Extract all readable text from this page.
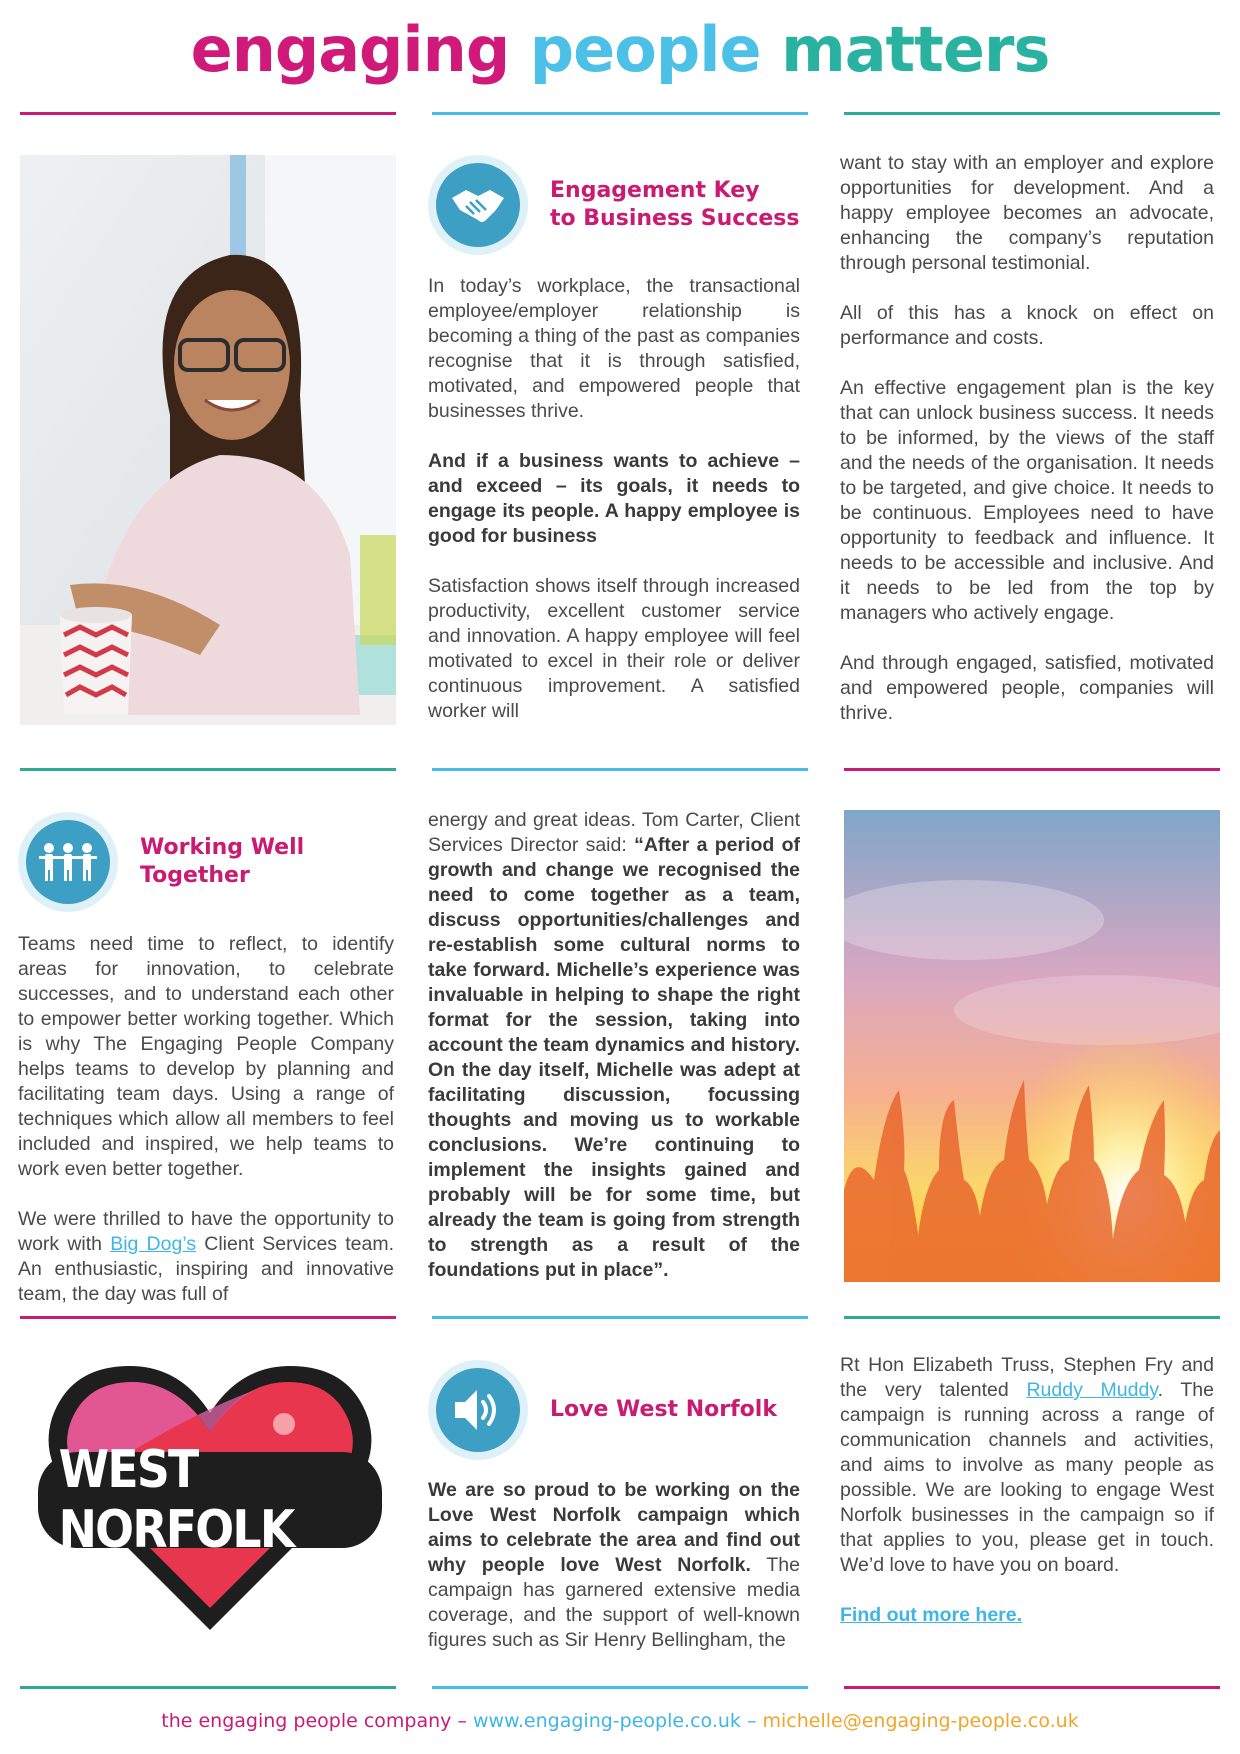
engaging people matters
Engagement Key
to Business Success

In today’s workplace, the transactional employee/employer relationship is becoming a thing of the past as companies recognise that it is through satisfied, motivated, and empowered people that businesses thrive.

And if a business wants to achieve – and exceed – its goals, it needs to engage its people. A happy employee is good for business

Satisfaction shows itself through increased productivity, excellent customer service and innovation. A happy employee will feel motivated to excel in their role or deliver continuous improvement. A satisfied worker will

want to stay with an employer and explore opportunities for development. And a happy employee becomes an advocate, enhancing the company’s reputation through personal testimonial.

All of this has a knock on effect on performance and costs.

An effective engagement plan is the key that can unlock business success. It needs to be informed, by the views of the staff and the needs of the organisation. It needs to be targeted, and give choice. It needs to be continuous. Employees need to have opportunity to feedback and influence. It needs to be accessible and inclusive. And it needs to be led from the top by managers who actively engage.

And through engaged, satisfied, motivated and empowered people, companies will thrive.

Working Well
Together

Teams need time to reflect, to identify areas for innovation, to celebrate successes, and to understand each other to empower better working together. Which is why The Engaging People Company helps teams to develop by planning and facilitating team days. Using a range of techniques which allow all members to feel included and inspired, we help teams to work even better together.

We were thrilled to have the opportunity to work with Big Dog’s Client Services team. An enthusiastic, inspiring and innovative team, the day was full of

energy and great ideas. Tom Carter, Client Services Director said: “After a period of growth and change we recognised the need to come together as a team, discuss opportunities/challenges and re-establish some cultural norms to take forward. Michelle’s experience was invaluable in helping to shape the right format for the session, taking into account the team dynamics and history. On the day itself, Michelle was adept at facilitating discussion, focussing thoughts and moving us to workable conclusions. We’re continuing to implement the insights gained and probably will be for some time, but already the team is going from strength to strength as a result of the foundations put in place”.

WEST NORFOLK
Love West Norfolk

We are so proud to be working on the Love West Norfolk campaign which aims to celebrate the area and find out why people love West Norfolk. The campaign has garnered extensive media coverage, and the support of well-known figures such as Sir Henry Bellingham, the

Rt Hon Elizabeth Truss, Stephen Fry and the very talented Ruddy Muddy. The campaign is running across a range of communication channels and activities, and aims to involve as many people as possible. We are looking to engage West Norfolk businesses in the campaign so if that applies to you, please get in touch. We’d love to have you on board.

Find out more here.

the engaging people company – www.engaging-people.co.uk – michelle@engaging-people.co.uk
